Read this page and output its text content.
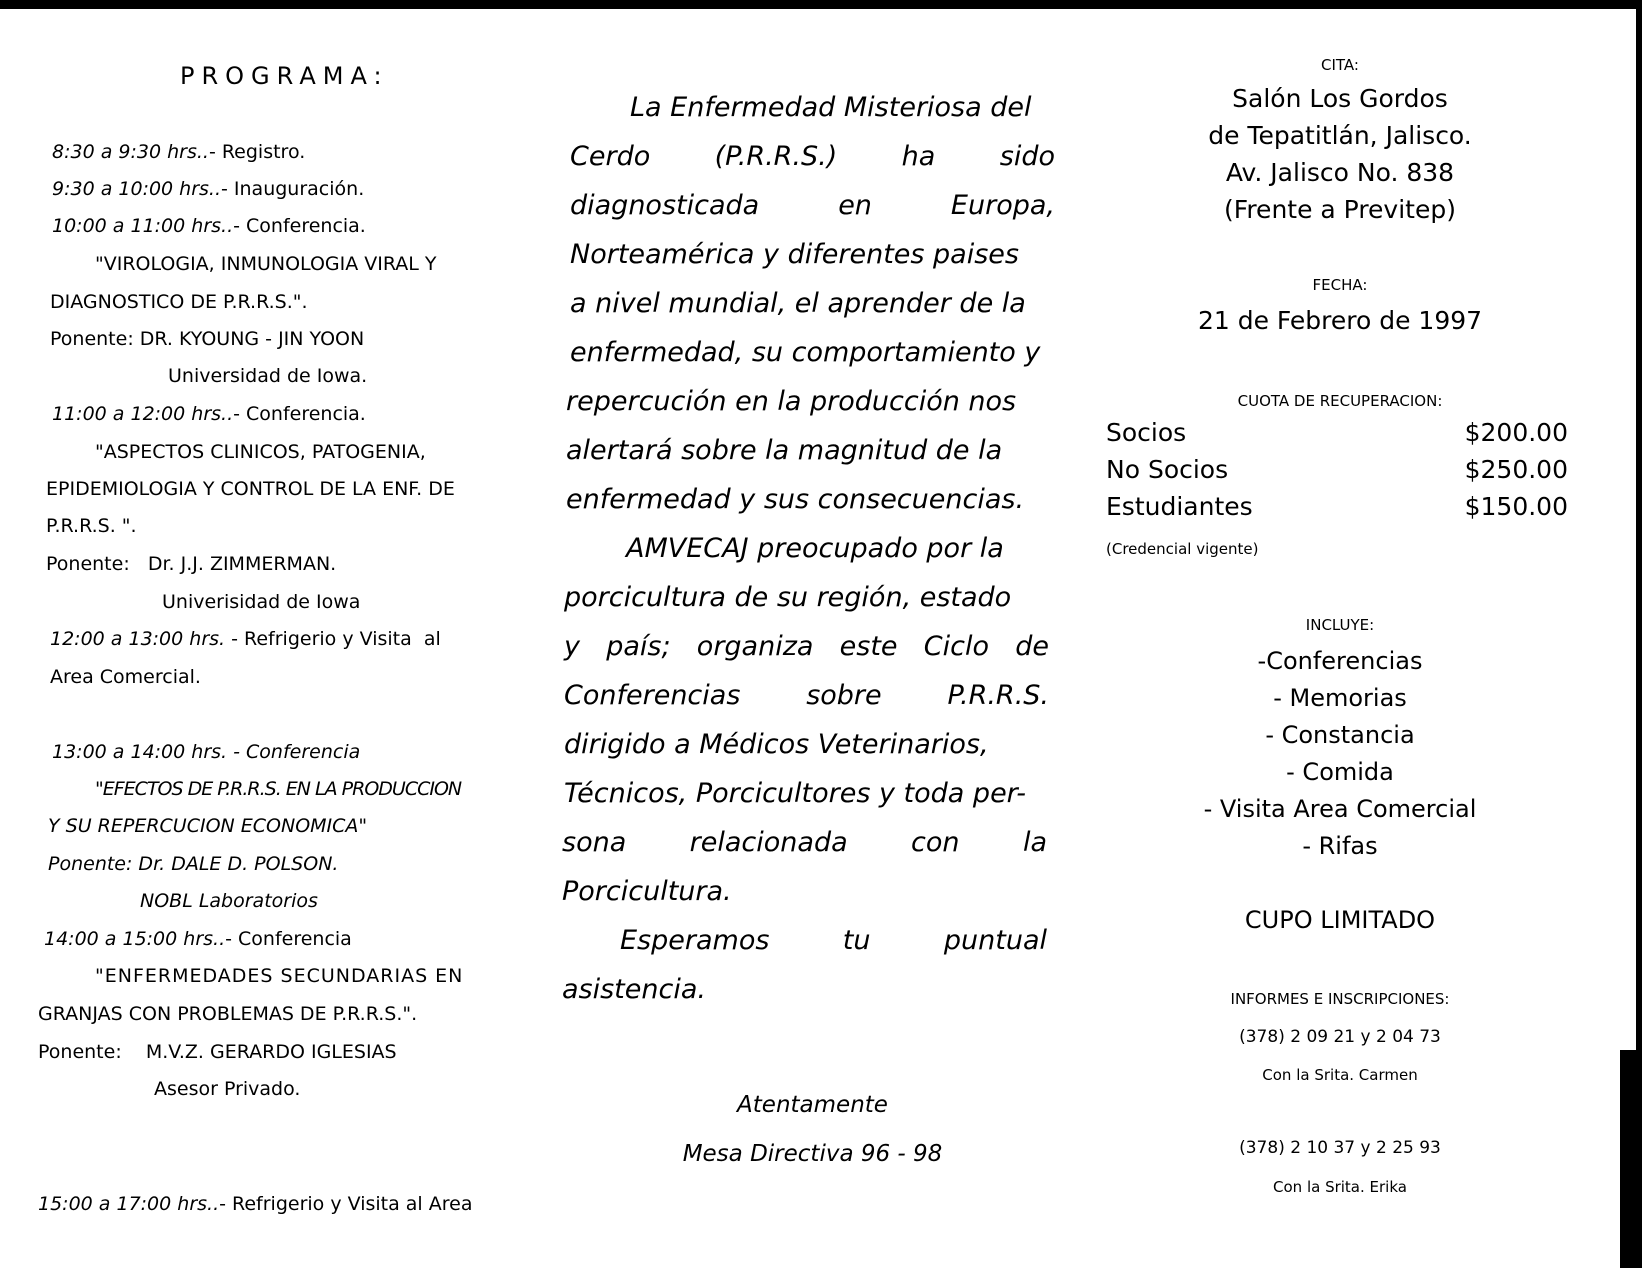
PROGRAMA:
8:30 a 9:30 hrs..- Registro.
9:30 a 10:00 hrs..- Inauguración.
10:00 a 11:00 hrs..- Conferencia.
"VIROLOGIA, INMUNOLOGIA VIRAL Y
DIAGNOSTICO DE P.R.R.S.".
Ponente: DR. KYOUNG - JIN YOON
Universidad de Iowa.
11:00 a 12:00 hrs..- Conferencia.
"ASPECTOS CLINICOS, PATOGENIA,
EPIDEMIOLOGIA Y CONTROL DE LA ENF. DE
P.R.R.S. ".
Ponente:   Dr. J.J. ZIMMERMAN.
Univerisidad de Iowa
12:00 a 13:00 hrs. - Refrigerio y Visita  al
Area Comercial.
13:00 a 14:00 hrs. - Conferencia
"EFECTOS DE P.R.R.S. EN LA PRODUCCION
Y SU REPERCUCION ECONOMICA"
Ponente: Dr. DALE D. POLSON.
NOBL Laboratorios
14:00 a 15:00 hrs..- Conferencia
"ENFERMEDADES SECUNDARIAS EN
GRANJAS CON PROBLEMAS DE P.R.R.S.".
Ponente:    M.V.Z. GERARDO IGLESIAS
Asesor Privado.
15:00 a 17:00 hrs..- Refrigerio y Visita al Area
La Enfermedad Misteriosa del
Cerdo (P.R.R.S.) ha sido
diagnosticada en Europa,
Norteamérica y diferentes paises
a nivel mundial, el aprender de la
enfermedad, su comportamiento y
repercución en la producción nos
alertará sobre la magnitud de la
enfermedad y sus consecuencias.
AMVECAJ preocupado por la
porcicultura de su región, estado
y país; organiza este Ciclo de
Conferencias sobre P.R.R.S.
dirigido a Médicos Veterinarios,
Técnicos, Porcicultores y toda per-
sona relacionada con la
Porcicultura.
Esperamos tu puntual
asistencia.
Atentamente
Mesa Directiva 96 - 98
CITA:
Salón Los Gordos
de Tepatitlán, Jalisco.
Av. Jalisco No. 838
(Frente a Previtep)
FECHA:
21 de Febrero de 1997
CUOTA DE RECUPERACION:
Socios	$200.00
No Socios	$250.00
Estudiantes	$150.00
(Credencial vigente)
INCLUYE:
-Conferencias
- Memorias
- Constancia
- Comida
- Visita Area Comercial
- Rifas
CUPO LIMITADO
INFORMES E INSCRIPCIONES:
(378) 2 09 21 y 2 04 73
Con la Srita. Carmen
(378) 2 10 37 y 2 25 93
Con la Srita. Erika
